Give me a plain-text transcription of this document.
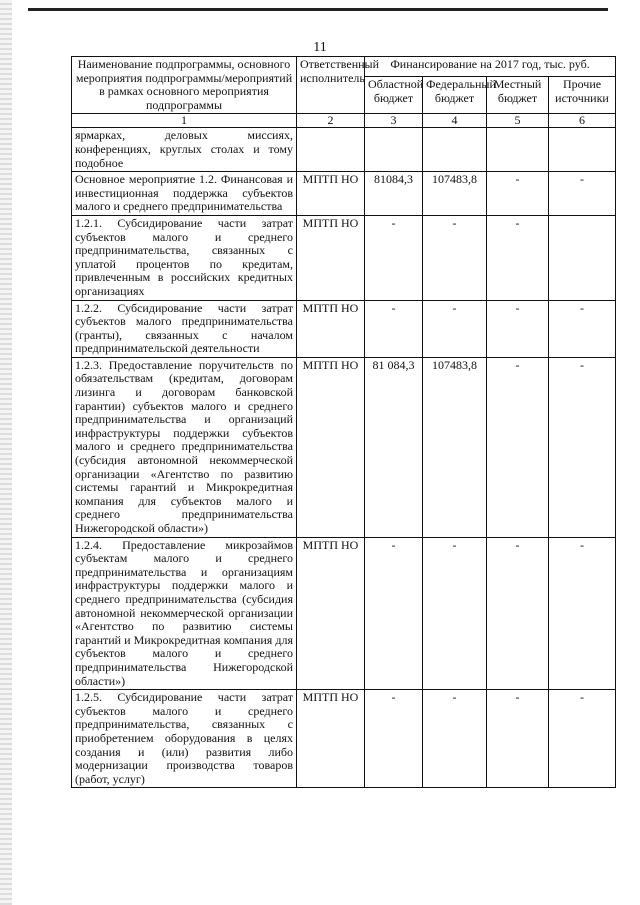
11
Наименование подпрограммы, основного мероприятия подпрограммы/мероприятий в рамках основного мероприятия подпрограммы	Ответственный исполнитель	Финансирование на 2017 год, тыс. руб.			
		Областной бюджет	Федеральный бюджет	Местный бюджет	Прочие источники
1	2	3	4	5	6
ярмарках, деловых миссиях, конференциях, круглых столах и тому подобное					
Основное мероприятие 1.2. Финансовая и инвестиционная поддержка субъектов малого и среднего предпринимательства	МПТП НО	81084,3	107483,8	-	-
1.2.1. Субсидирование части затрат субъектов малого и среднего предпринимательства, связанных с уплатой процентов по кредитам, привлеченным в российских кредитных организациях	МПТП НО	-	-	-	
1.2.2. Субсидирование части затрат субъектов малого предпринимательства (гранты), связанных с началом предпринимательской деятельности	МПТП НО	-	-	-	-
1.2.3. Предоставление поручительств по обязательствам (кредитам, договорам лизинга и договорам банковской гарантии) субъектов малого и среднего предпринимательства и организаций инфраструктуры поддержки субъектов малого и среднего предпринимательства (субсидия автономной некоммерческой организации «Агентство по развитию системы гарантий и Микрокредитная компания для субъектов малого и среднего предпринимательства Нижегородской области»)	МПТП НО	81 084,3	107483,8	-	-
1.2.4. Предоставление микрозаймов субъектам малого и среднего предпринимательства и организациям инфраструктуры поддержки малого и среднего предпринимательства (субсидия автономной некоммерческой организации «Агентство по развитию системы гарантий и Микрокредитная компания для субъектов малого и среднего предпринимательства Нижегородской области»)	МПТП НО	-	-	-	-
1.2.5. Субсидирование части затрат субъектов малого и среднего предпринимательства, связанных с приобретением оборудования в целях создания и (или) развития либо модернизации производства товаров (работ, услуг)	МПТП НО	-	-	-	-
